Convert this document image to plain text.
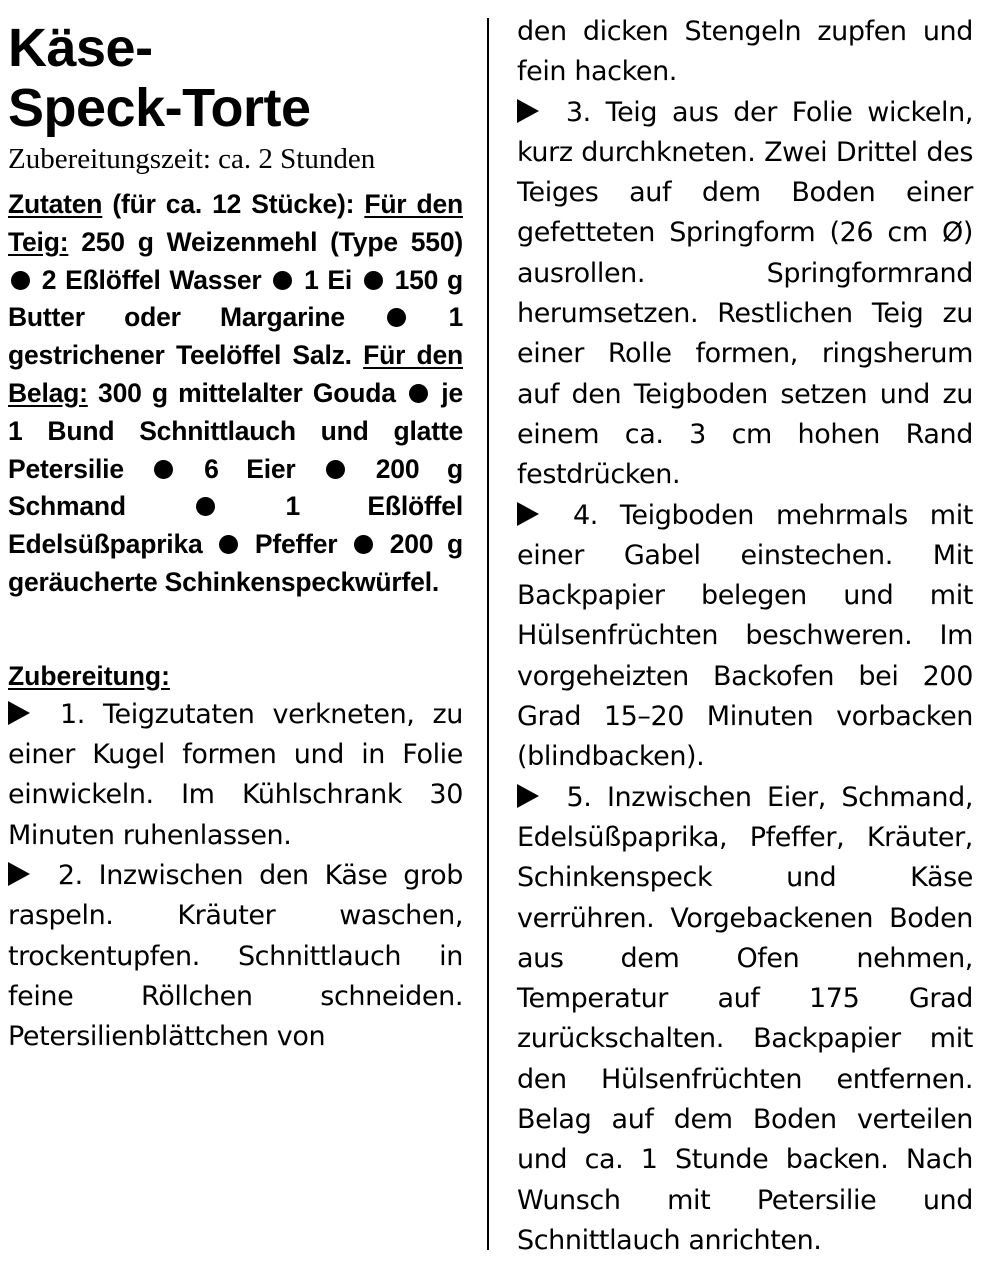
Käse-
Speck-Torte
Zubereitungszeit: ca. 2 Stunden

Zutaten (für ca. 12 Stücke): Für den Teig: 250 g Weizenmehl (Type 550)  2 Eßlöffel Wasser  1 Ei  150 g Butter oder Margarine  1 gestrichener Teelöffel Salz. Für den Belag: 300 g mittelalter Gouda  je 1 Bund Schnittlauch und glatte Petersilie  6 Eier  200 g Schmand  1 Eßlöffel Edelsüßpaprika  Pfeffer  200 g geräucherte Schinkenspeckwürfel.

Zubereitung:

1. Teigzutaten verkneten, zu einer Kugel formen und in Folie einwickeln. Im Kühlschrank 30 Minuten ruhenlassen.

2. Inzwischen den Käse grob raspeln. Kräuter waschen, trockentupfen. Schnittlauch in feine Röllchen schneiden. Petersilienblättchen von

den dicken Stengeln zupfen und fein hacken.

3. Teig aus der Folie wickeln, kurz durchkneten. Zwei Drittel des Teiges auf dem Boden einer gefetteten Springform (26 cm Ø) ausrollen. Springformrand herumsetzen. Restlichen Teig zu einer Rolle formen, ringsherum auf den Teigboden setzen und zu einem ca. 3 cm hohen Rand festdrücken.

4. Teigboden mehrmals mit einer Gabel einstechen. Mit Backpapier belegen und mit Hülsenfrüchten beschweren. Im vorgeheizten Backofen bei 200 Grad 15–20 Minuten vorbacken (blindbacken).

5. Inzwischen Eier, Schmand, Edelsüßpaprika, Pfeffer, Kräuter, Schinkenspeck und Käse verrühren. Vorgebackenen Boden aus dem Ofen nehmen, Temperatur auf 175 Grad zurückschalten. Backpapier mit den Hülsenfrüchten entfernen. Belag auf dem Boden verteilen und ca. 1 Stunde backen. Nach Wunsch mit Petersilie und Schnittlauch anrichten.
